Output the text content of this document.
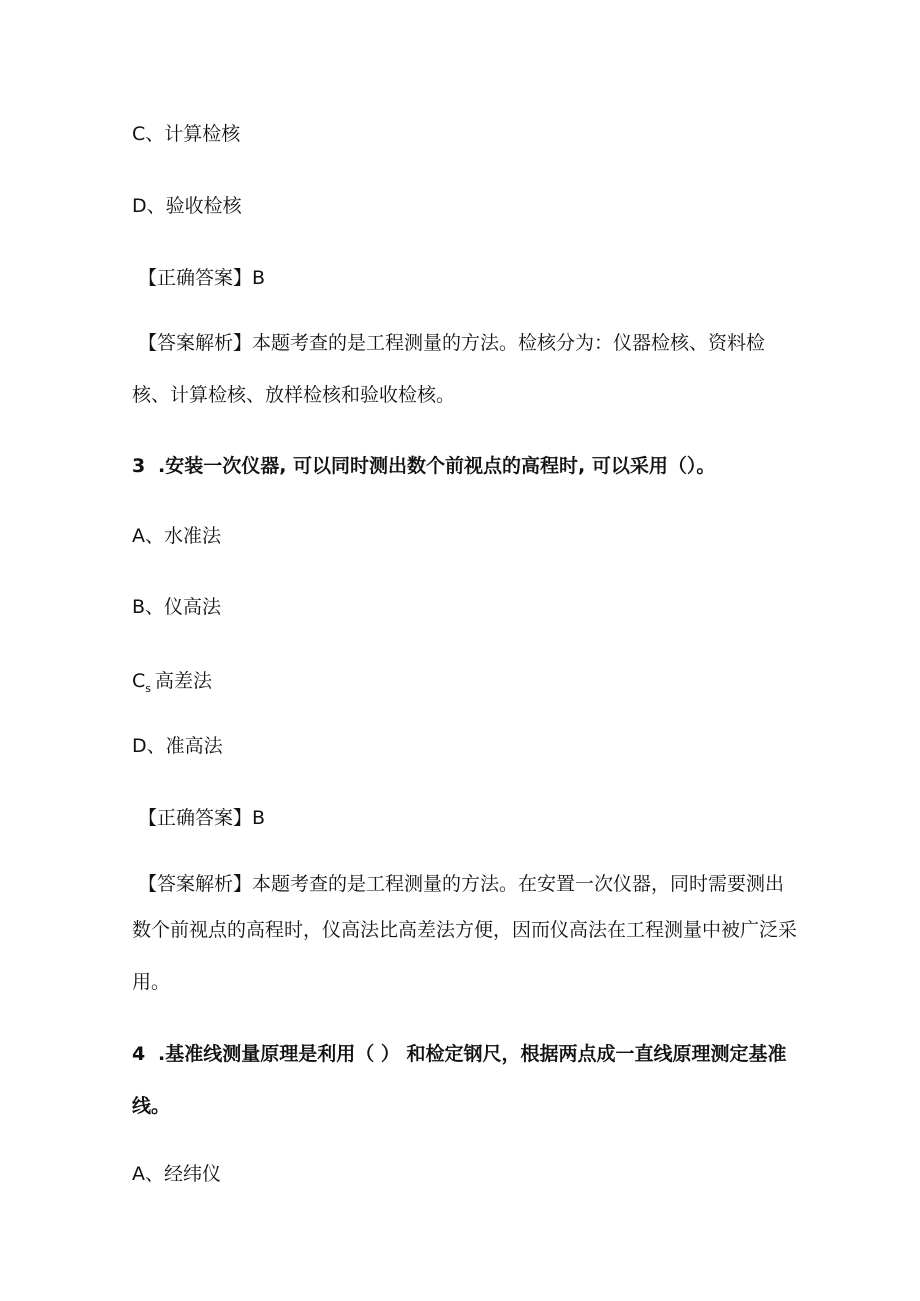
C、计算检核

D、验收检核

【正确答案】B

【答案解析】本题考查的是工程测量的方法。检核分为：仪器检核、资料检

核、计算检核、放样检核和验收检核。

3 .安装一次仪器, 可以同时测出数个前视点的高程时, 可以采用（）。

A、水准法

B、仪高法

$C_s$ 高差法

D、准高法

【正确答案】B

【答案解析】本题考查的是工程测量的方法。在安置一次仪器，同时需要测出

数个前视点的高程时，仪高法比高差法方便，因而仪高法在工程测量中被广泛采

用。

4 .基准线测量原理是利用（ ） 和检定钢尺，根据两点成一直线原理测定基准

线。

A、经纬仪
